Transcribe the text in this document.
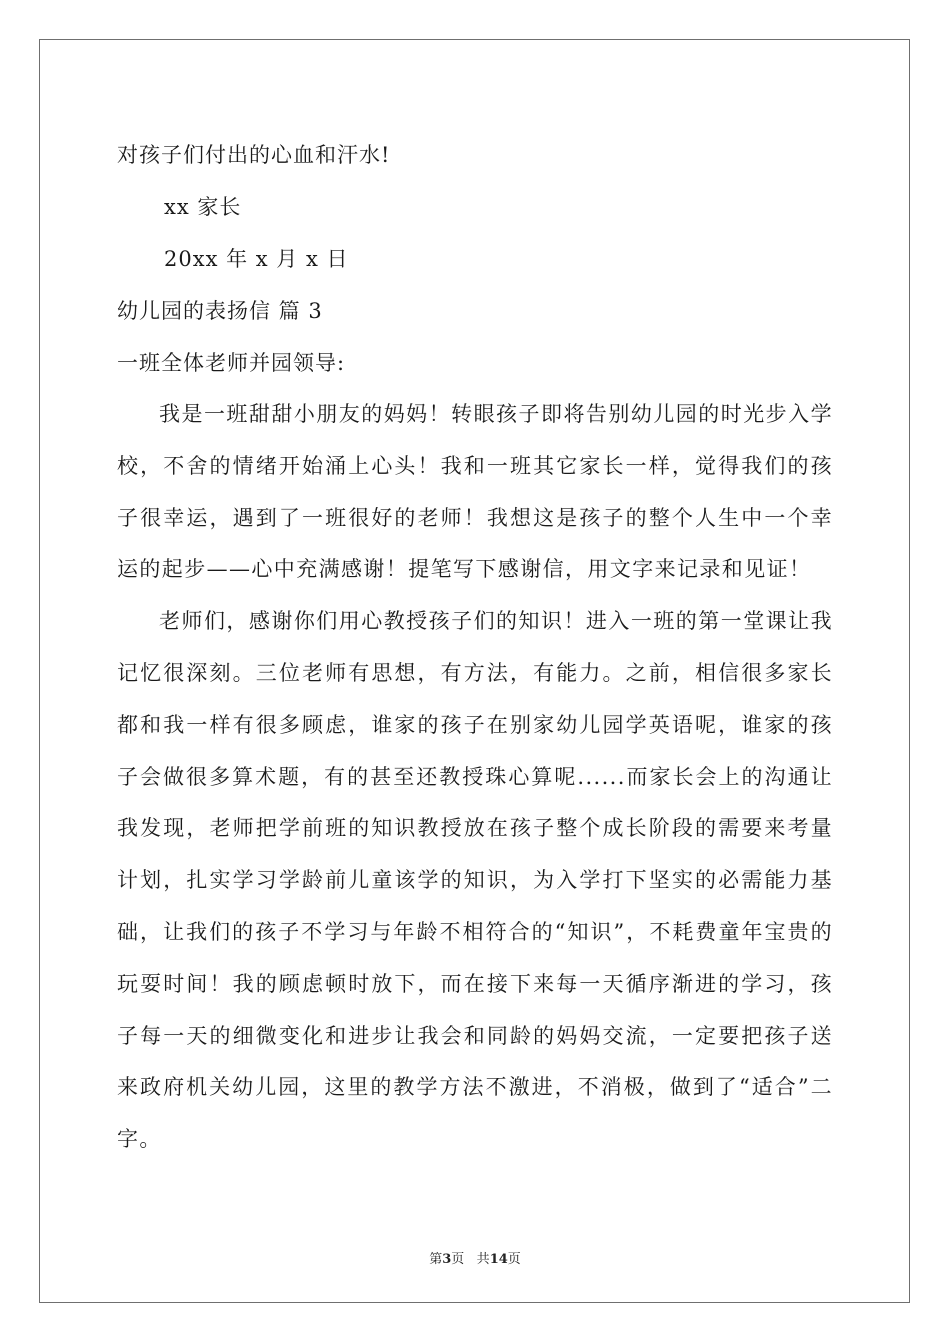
对孩子们付出的心血和汗水!
xx 家长
20xx 年 x 月 x 日
幼儿园的表扬信 篇 3
一班全体老师并园领导:

我是一班甜甜小朋友的妈妈！转眼孩子即将告别幼儿园的时光步入学校，不舍的情绪开始涌上心头！我和一班其它家长一样，觉得我们的孩子很幸运，遇到了一班很好的老师！我想这是孩子的整个人生中一个幸运的起步——心中充满感谢！提笔写下感谢信，用文字来记录和见证！

老师们，感谢你们用心教授孩子们的知识！进入一班的第一堂课让我记忆很深刻。三位老师有思想，有方法，有能力。之前，相信很多家长都和我一样有很多顾虑，谁家的孩子在别家幼儿园学英语呢，谁家的孩子会做很多算术题，有的甚至还教授珠心算呢......而家长会上的沟通让我发现，老师把学前班的知识教授放在孩子整个成长阶段的需要来考量计划，扎实学习学龄前儿童该学的知识，为入学打下坚实的必需能力基础，让我们的孩子不学习与年龄不相符合的“知识”，不耗费童年宝贵的玩耍时间！我的顾虑顿时放下，而在接下来每一天循序渐进的学习，孩子每一天的细微变化和进步让我会和同龄的妈妈交流，一定要把孩子送来政府机关幼儿园，这里的教学方法不激进，不消极，做到了“适合”二字。

第3页 共14页
